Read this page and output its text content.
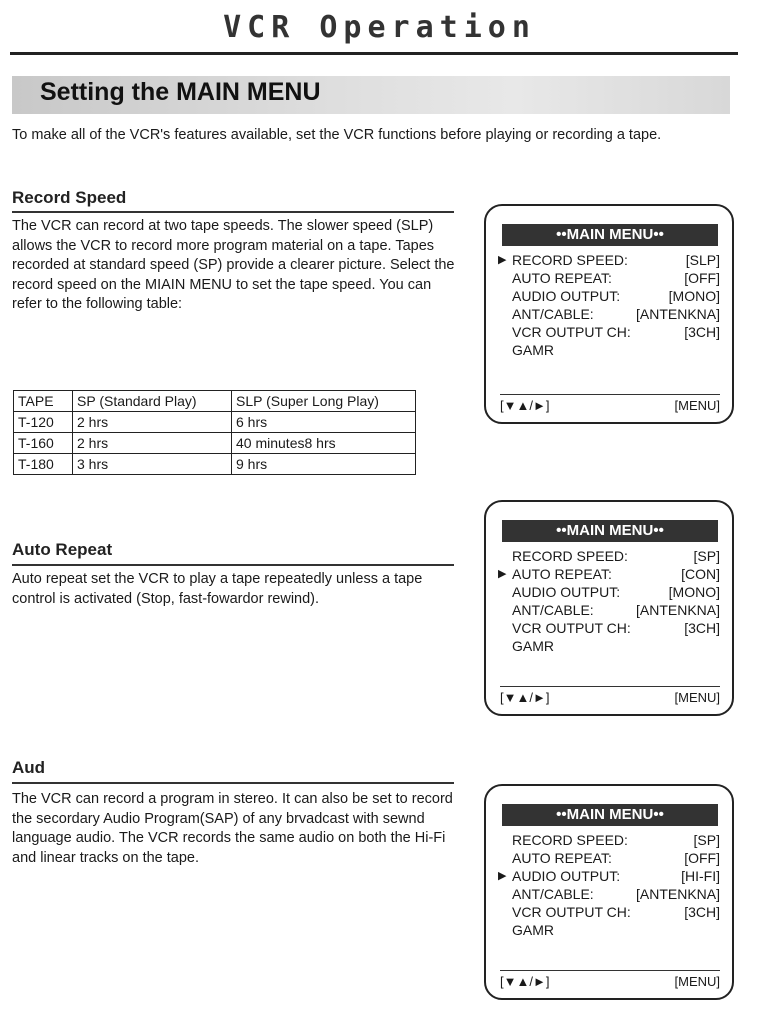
VCR Operation
Setting the MAIN MENU
To make all of the VCR's features available, set the VCR functions before playing or recording a tape.
Record Speed
The VCR can record at two tape speeds. The slower speed (SLP) allows the VCR to record more program material on a tape. Tapes recorded at standard speed (SP) provide a clearer picture. Select the record speed on the MIAIN MENU to set the tape speed. You can refer to the following table:
TAPE	SP (Standard Play)	SLP (Super Long Play)
T-120	2 hrs	6 hrs
T-160	2 hrs	40 minutes8 hrs
T-180	3 hrs	9 hrs
Auto Repeat
Auto repeat set the VCR to play a tape repeatedly unless a tape control is activated (Stop, fast-fowardor rewind).
Aud
The VCR can record a program in stereo. It can also be set to record the secordary Audio Program(SAP) of any brvadcast with sewnd language audio. The VCR records the same audio on both the Hi-Fi and linear tracks on the tape.
••MAIN MENU••
▶ RECORD SPEED:	[SLP]
AUTO REPEAT:	[OFF]
AUDIO OUTPUT:	[MONO]
ANT/CABLE:	[ANTENKNA]
VCR OUTPUT CH:	[3CH]
GAMR
[▼▲/►]	[MENU]
••MAIN MENU••
RECORD SPEED:	[SP]
▶ AUTO REPEAT:	[CON]
AUDIO OUTPUT:	[MONO]
ANT/CABLE:	[ANTENKNA]
VCR OUTPUT CH:	[3CH]
GAMR
[▼▲/►]	[MENU]
••MAIN MENU••
RECORD SPEED:	[SP]
AUTO REPEAT:	[OFF]
▶ AUDIO OUTPUT:	[HI-FI]
ANT/CABLE:	[ANTENKNA]
VCR OUTPUT CH:	[3CH]
GAMR
[▼▲/►]	[MENU]
